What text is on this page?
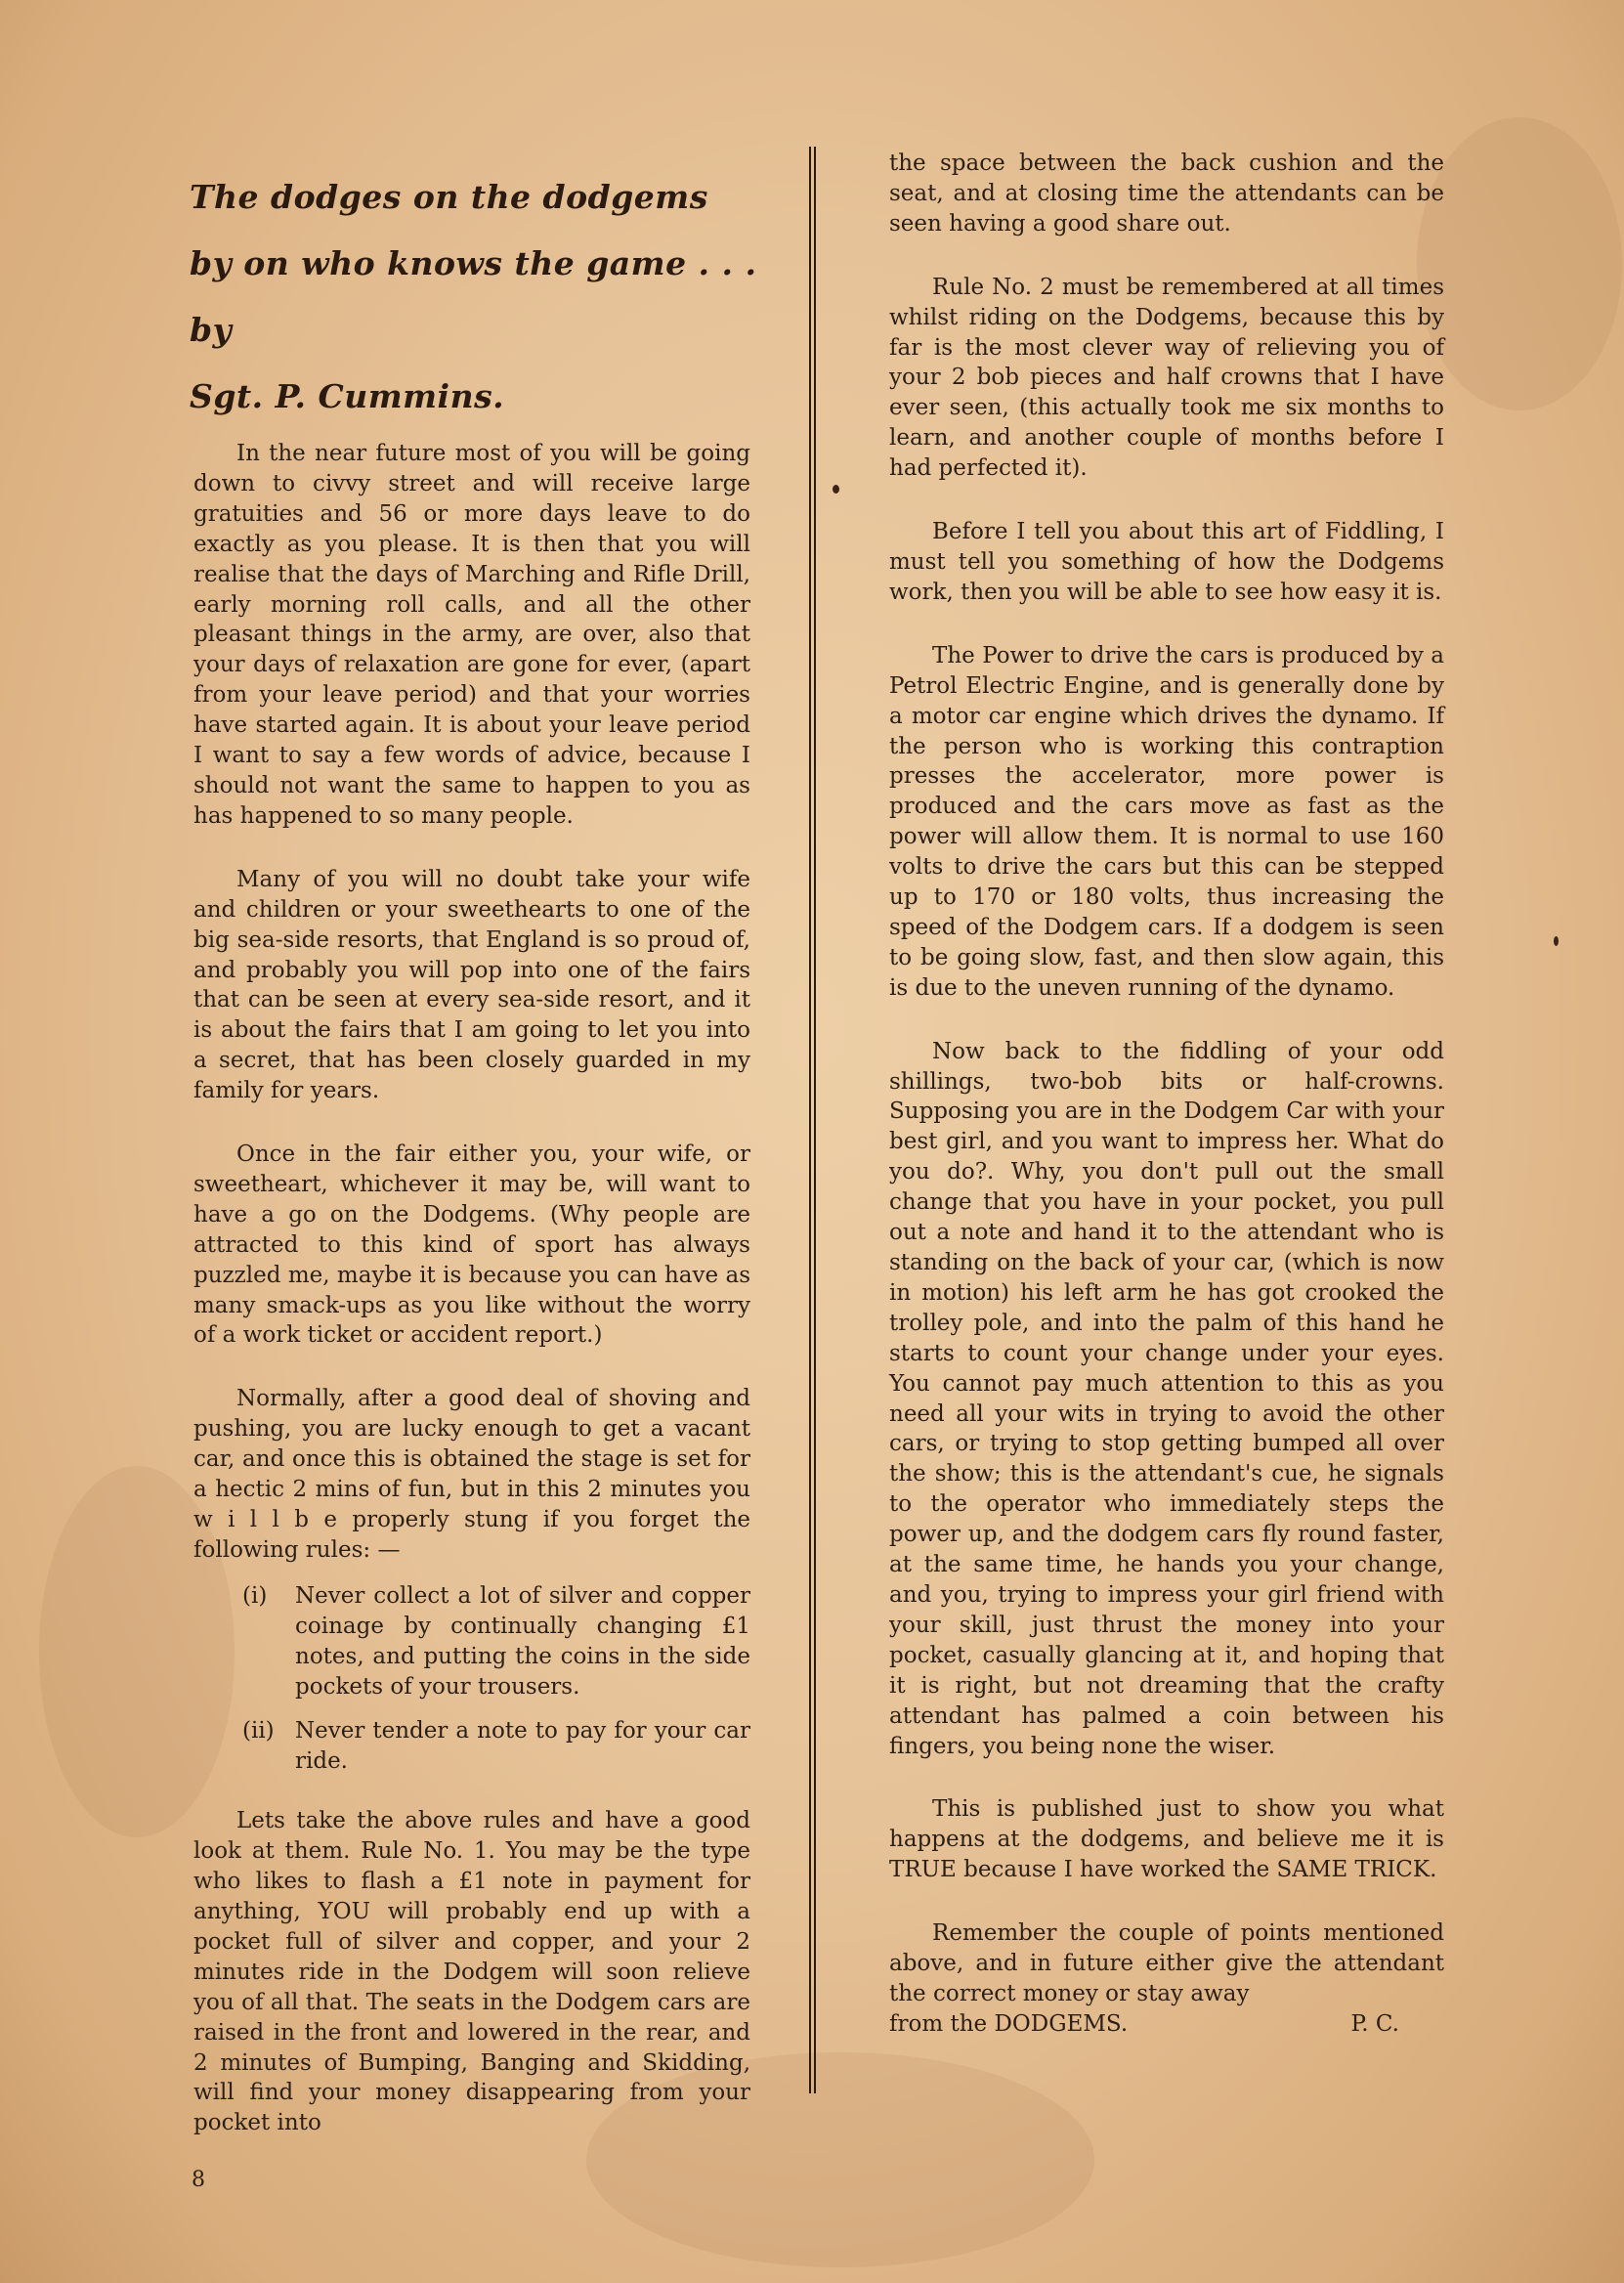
The dodges on the dodgems
by on who knows the game . . .
by
Sgt. P. Cummins.

In the near future most of you will be going down to civvy street and will receive large gratuities and 56 or more days leave to do exactly as you please. It is then that you will realise that the days of Marching and Rifle Drill, early morning roll calls, and all the other pleasant things in the army, are over, also that your days of relaxation are gone for ever, (apart from your leave period) and that your worries have started again. It is about your leave period I want to say a few words of advice, because I should not want the same to happen to you as has happened to so many people.

Many of you will no doubt take your wife and children or your sweethearts to one of the big sea-side resorts, that England is so proud of, and probably you will pop into one of the fairs that can be seen at every sea-side resort, and it is about the fairs that I am going to let you into a secret, that has been closely guarded in my family for years.

Once in the fair either you, your wife, or sweetheart, whichever it may be, will want to have a go on the Dodgems. (Why people are attracted to this kind of sport has always puzzled me, maybe it is because you can have as many smack-ups as you like without the worry of a work ticket or accident report.)

Normally, after a good deal of shoving and pushing, you are lucky enough to get a vacant car, and once this is obtained the stage is set for a hectic 2 mins of fun, but in this 2 minutes you w i l l b e properly stung if you forget the following rules: —

(i)	Never collect a lot of silver and copper coinage by continually changing £1 notes, and putting the coins in the side pockets of your trousers.
(ii) Never tender a note to pay for your car ride.

Lets take the above rules and have a good look at them. Rule No. 1. You may be the type who likes to flash a £1 note in payment for anything, YOU will probably end up with a pocket full of silver and copper, and your 2 minutes ride in the Dodgem will soon relieve you of all that. The seats in the Dodgem cars are raised in the front and lowered in the rear, and 2 minutes of Bumping, Banging and Skidding, will find your money disappearing from your pocket into

the space between the back cushion and the seat, and at closing time the attendants can be seen having a good share out.

Rule No. 2 must be remembered at all times whilst riding on the Dodgems, because this by far is the most clever way of relieving you of your 2 bob pieces and half crowns that I have ever seen, (this actually took me six months to learn, and another couple of months before I had perfected it).

Before I tell you about this art of Fiddling, I must tell you something of how the Dodgems work, then you will be able to see how easy it is.

The Power to drive the cars is produced by a Petrol Electric Engine, and is generally done by a motor car engine which drives the dynamo. If the person who is working this contraption presses the accelerator, more power is produced and the cars move as fast as the power will allow them. It is normal to use 160 volts to drive the cars but this can be stepped up to 170 or 180 volts, thus increasing the speed of the Dodgem cars. If a dodgem is seen to be going slow, fast, and then slow again, this is due to the uneven running of the dynamo.

Now back to the fiddling of your odd shillings, two-bob bits or half-crowns. Supposing you are in the Dodgem Car with your best girl, and you want to impress her. What do you do?. Why, you don't pull out the small change that you have in your pocket, you pull out a note and hand it to the attendant who is standing on the back of your car, (which is now in motion) his left arm he has got crooked the trolley pole, and into the palm of this hand he starts to count your change under your eyes. You cannot pay much attention to this as you need all your wits in trying to avoid the other cars, or trying to stop getting bumped all over the show; this is the attendant's cue, he signals to the operator who immediately steps the power up, and the dodgem cars fly round faster, at the same time, he hands you your change, and you, trying to impress your girl friend with your skill, just thrust the money into your pocket, casually glancing at it, and hoping that it is right, but not dreaming that the crafty attendant has palmed a coin between his fingers, you being none the wiser.

This is published just to show you what happens at the dodgems, and believe me it is TRUE because I have worked the SAME TRICK.

Remember the couple of points mentioned above, and in future either give the attendant the correct money or stay away

from the DODGEMS.	P. C.
8
